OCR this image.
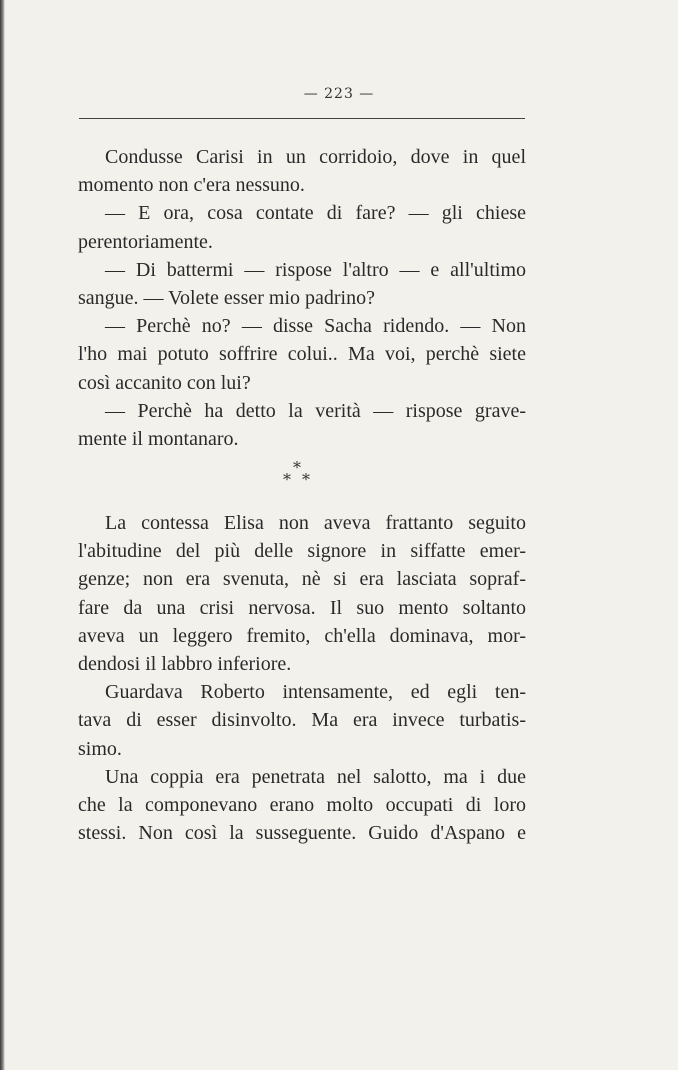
— 223 —

Condusse Carisi in un corridoio, dove in quel
momento non c'era nessuno.

— E ora, cosa contate di fare? — gli chiese
perentoriamente.

— Di battermi — rispose l'altro — e all'ultimo
sangue. — Volete esser mio padrino?

— Perchè no? — disse Sacha ridendo. — Non
l'ho mai potuto soffrire colui.. Ma voi, perchè siete
così accanito con lui?

— Perchè ha detto la verità — rispose grave-
mente il montanaro.

*
* *

La contessa Elisa non aveva frattanto seguito
l'abitudine del più delle signore in siffatte emer-
genze; non era svenuta, nè si era lasciata sopraf-
fare da una crisi nervosa. Il suo mento soltanto
aveva un leggero fremito, ch'ella dominava, mor-
dendosi il labbro inferiore.

Guardava Roberto intensamente, ed egli ten-
tava di esser disinvolto. Ma era invece turbatis-
simo.

Una coppia era penetrata nel salotto, ma i due
che la componevano erano molto occupati di loro
stessi. Non così la susseguente. Guido d'Aspano e
